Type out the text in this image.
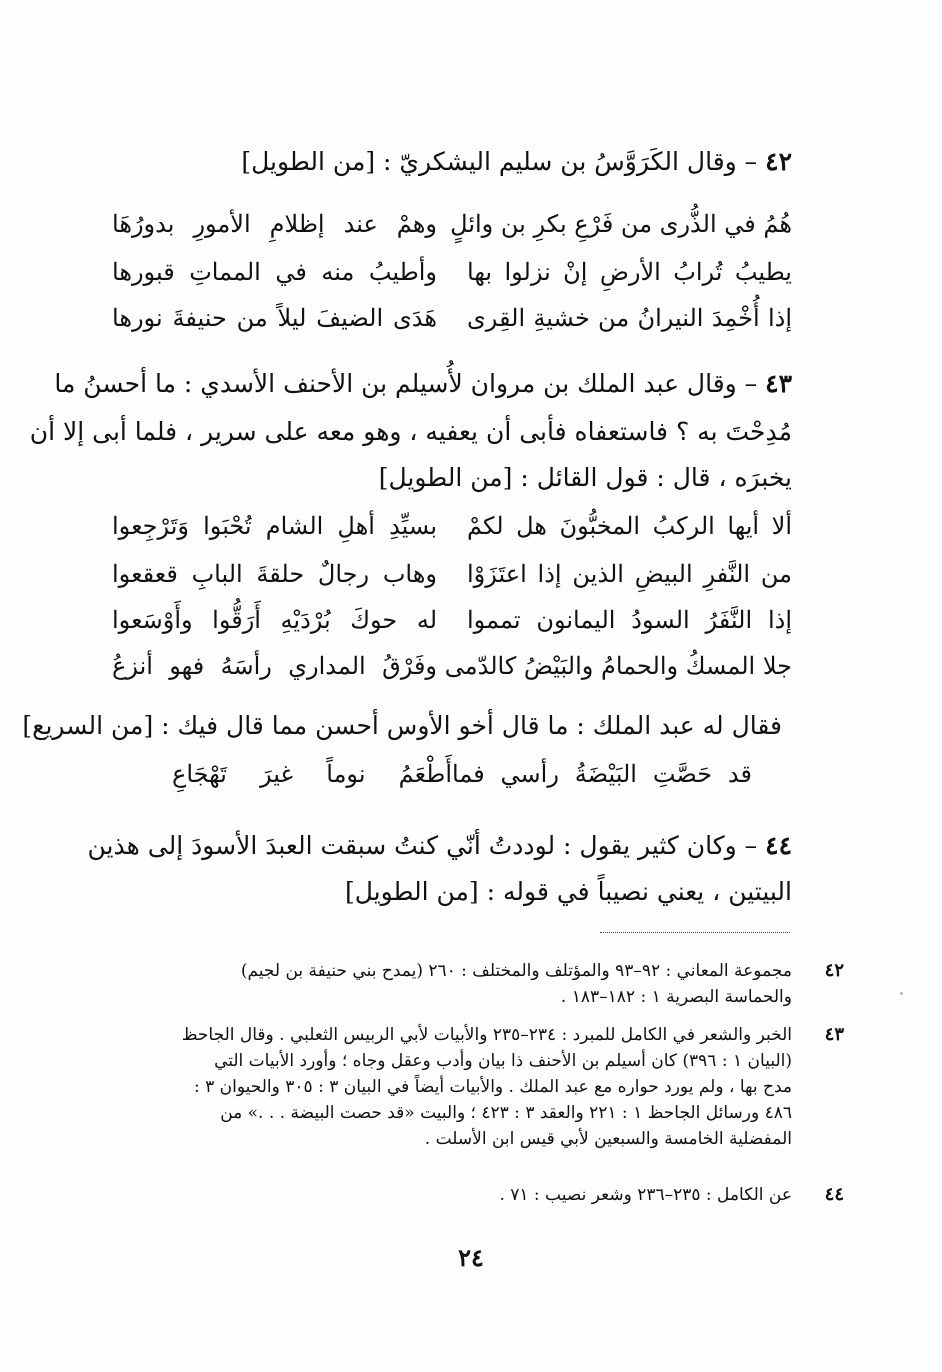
٤٢ – وقال الكَرَوَّسُ بن سليم اليشكريّ : [من الطويل]
هُمُ في الذُّرى من فَرْعِ بكرِ بن وائلٍ
وهمْ عند إظلامِ الأمورِ بدورُهَا
يطيبُ تُرابُ الأرضِ إنْ نزلوا بها
وأطيبُ منه في المماتِ قبورها
إذا أُخْمِدَ النيرانُ من خشيةِ القِرى
هَدَى الضيفَ ليلاً من حنيفةَ نورها
٤٣ – وقال عبد الملك بن مروان لأُسيلم بن الأحنف الأسدي : ما أحسنُ ما
مُدِحْتَ به ؟ فاستعفاه فأبى أن يعفيه ، وهو معه على سرير ، فلما أبى إلا أن
يخبرَه ، قال : قول القائل : [من الطويل]
ألا أيها الركبُ المخبُّونَ هل لكمْ
بسيِّدِ أهلِ الشام تُحْبَوا وَتَرْجِعوا
من النَّفرِ البيضِ الذين إذا اعتَزَوْا
وهاب رجالٌ حلقةَ البابِ قعقعوا
إذا النَّفَرُ السودُ اليمانون تمموا
له حوكَ بُرْدَيْهِ أَرَقُّوا وأَوْسَعوا
جلا المسكُ والحمامُ والبَيْضُ كالدّمى
وفَرْقُ المداري رأسَهُ فهو أنزعُ
فقال له عبد الملك : ما قال أخو الأوس أحسن مما قال فيك : [من السريع]
قد حَصَّتِ البَيْضَةُ رأسي فما
أَطْعَمُ نوماً غيرَ تَهْجَاعِ
٤٤ – وكان كثير يقول : لوددتُ أنّي كنتُ سبقت العبدَ الأسودَ إلى هذين
البيتين ، يعني نصيباً في قوله : [من الطويل]
٤٢
مجموعة المعاني : ٩٢–٩٣ والمؤتلف والمختلف : ٢٦٠ (يمدح بني حنيفة بن لجيم)
والحماسة البصرية ١ : ١٨٢–١٨٣ .
٤٣
الخبر والشعر في الكامل للمبرد : ٢٣٤–٢٣٥ والأبيات لأبي الربيس الثعلبي . وقال الجاحظ
(البيان ١ : ٣٩٦) كان أسيلم بن الأحنف ذا بيان وأدب وعقل وجاه ؛ وأورد الأبيات التي
مدح بها ، ولم يورد حواره مع عبد الملك . والأبيات أيضاً في البيان ٣ : ٣٠٥ والحيوان ٣ :
٤٨٦ ورسائل الجاحظ ١ : ٢٢١ والعقد ٣ : ٤٢٣ ؛ والبيت «قد حصت البيضة . . .» من
المفضلية الخامسة والسبعين لأبي قيس ابن الأسلت .
٤٤
عن الكامل : ٢٣٥–٢٣٦ وشعر نصيب : ٧١ .
٢٤
